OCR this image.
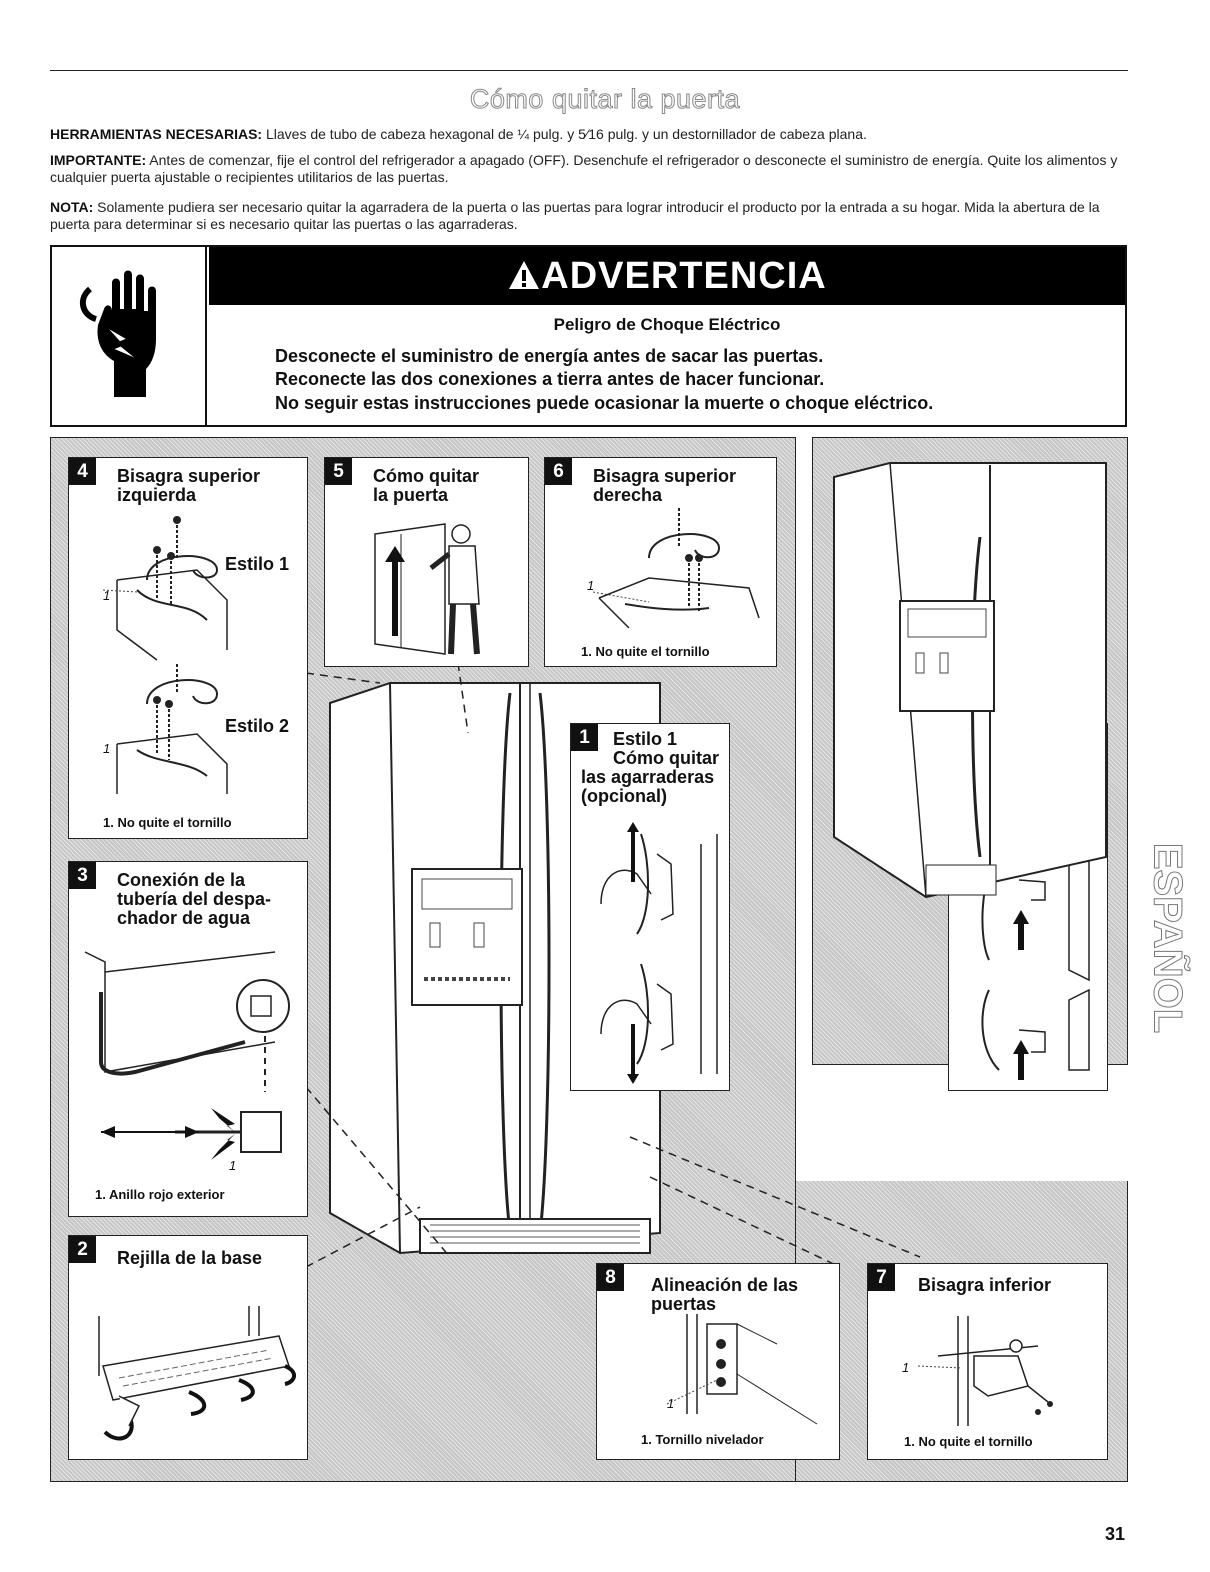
Cómo quitar la puerta

HERRAMIENTAS NECESARIAS: Llaves de tubo de cabeza hexagonal de ¼ pulg. y 5⁄16 pulg. y un destornillador de cabeza plana.

IMPORTANTE: Antes de comenzar, fije el control del refrigerador a apagado (OFF). Desenchufe el refrigerador o desconecte el suministro de energía. Quite los alimentos y cualquier puerta ajustable o recipientes utilitarios de las puertas.

NOTA: Solamente pudiera ser necesario quitar la agarradera de la puerta o las puertas para lograr introducir el producto por la entrada a su hogar. Mida la abertura de la puerta para determinar si es necesario quitar las puertas o las agarraderas.

ADVERTENCIA
Peligro de Choque Eléctrico
Desconecte el suministro de energía antes de sacar las puertas.
Reconecte las dos conexiones a tierra antes de hacer funcionar.
No seguir estas instrucciones puede ocasionar la muerte o choque eléctrico.
4	Bisagra superior
izquierda
1
Estilo 1
1
Estilo 2
1. No quite el tornillo
5	Cómo quitar
la puerta
6	Bisagra superior
derecha
1
1. No quite el tornillo
3	Conexión de la
tubería del despa-
chador de agua
1
1. Anillo rojo exterior
2	Rejilla de la base
1	Estilo 1
Cómo quitar
las agarraderas
(opcional)
8	Alineación de las
puertas
1
1. Tornillo nivelador
7	Bisagra inferior
1
1. No quite el tornillo
ESPAÑOL
31
